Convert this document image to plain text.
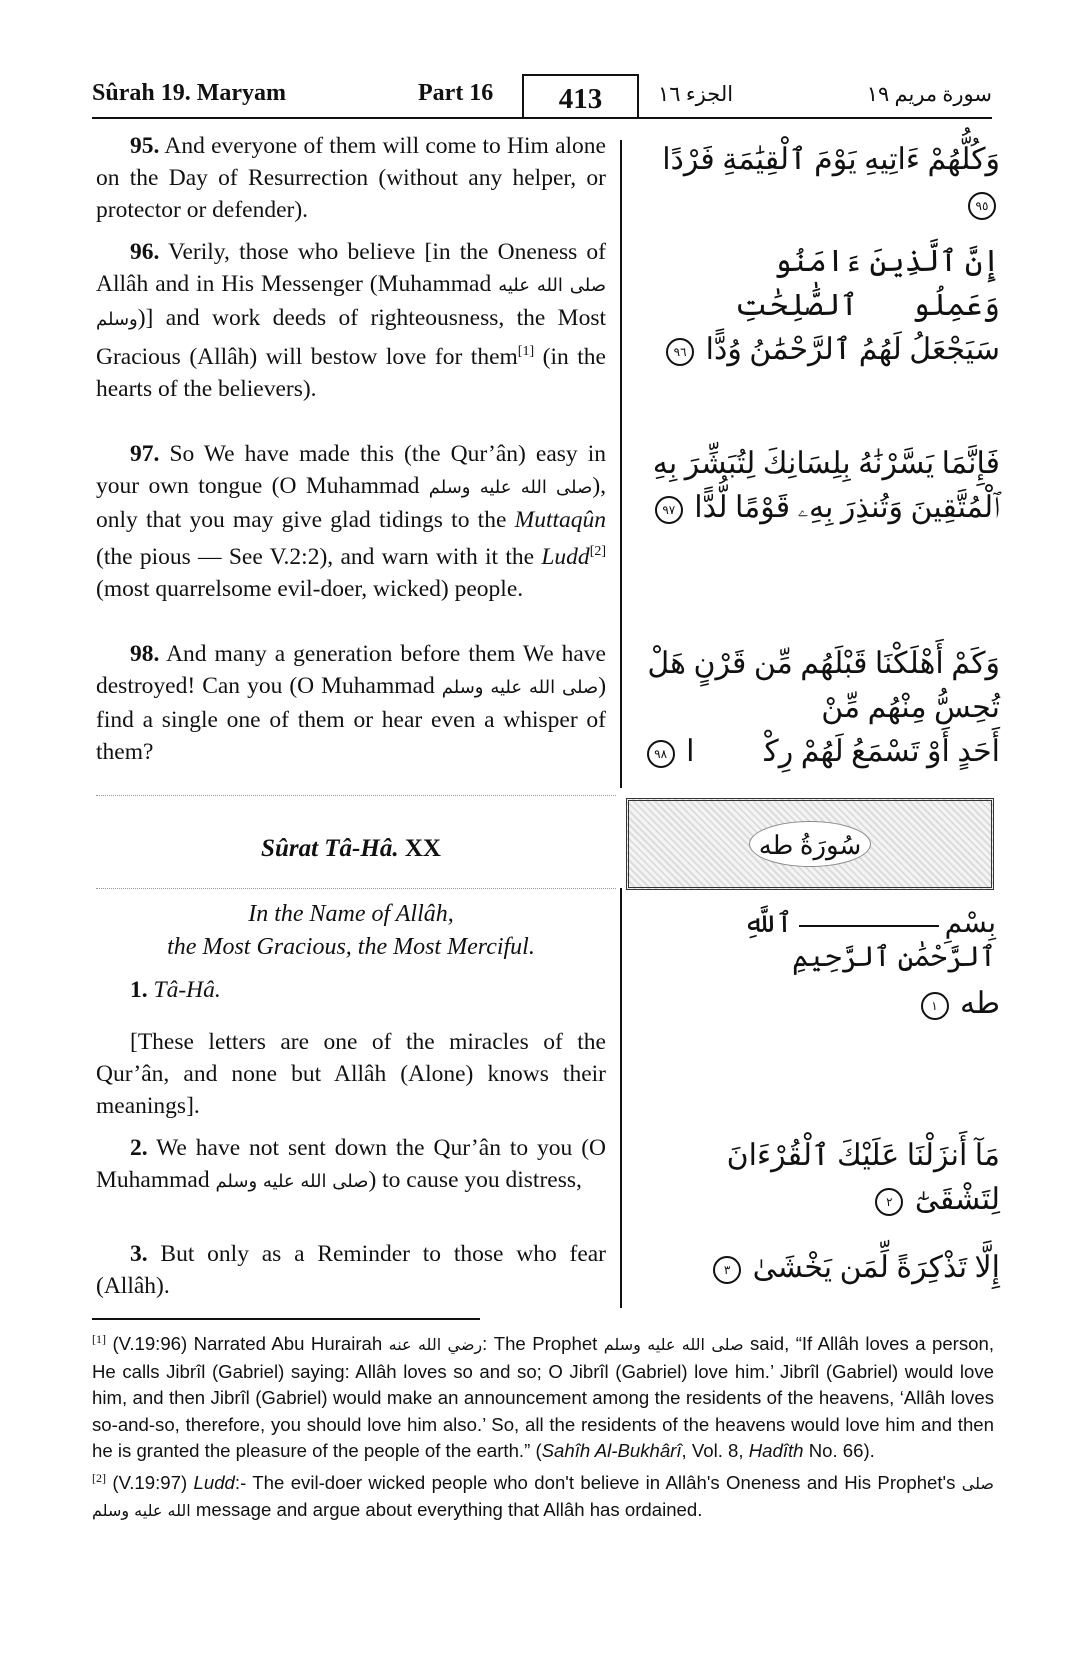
Sûrah 19. Maryam	Part 16	413	الجزء ١٦	سورة مريم ١٩

95. And everyone of them will come to Him alone on the Day of Resurrection (without any helper, or protector or defender).

وَكُلُّهُمْ ءَاتِيهِ يَوْمَ ٱلْقِيَٰمَةِ فَرْدًا ٩٥

96. Verily, those who believe [in the Oneness of Allâh and in His Messenger (Muhammad صلى الله عليه وسلم)] and work deeds of righteousness, the Most Gracious (Allâh) will bestow love for them[1] (in the hearts of the believers).

إِنَّ ٱلَّذِينَ ءَامَنُوا۟ وَعَمِلُوا۟ ٱلصَّٰلِحَٰتِ
سَيَجْعَلُ لَهُمُ ٱلرَّحْمَٰنُ وُدًّا ٩٦

97. So We have made this (the Qur’ân) easy in your own tongue (O Muhammad صلى الله عليه وسلم), only that you may give glad tidings to the Muttaqûn (the pious — See V.2:2), and warn with it the Ludd[2] (most quarrelsome evil-doer, wicked) people.

فَإِنَّمَا يَسَّرْنَٰهُ بِلِسَانِكَ لِتُبَشِّرَ بِهِ
ٱلْمُتَّقِينَ وَتُنذِرَ بِهِۦ قَوْمًا لُّدًّا ٩٧

98. And many a generation before them We have destroyed! Can you (O Muhammad صلى الله عليه وسلم) find a single one of them or hear even a whisper of them?

وَكَمْ أَهْلَكْنَا قَبْلَهُم مِّن قَرْنٍ هَلْ تُحِسُّ مِنْهُم مِّنْ
أَحَدٍ أَوْ تَسْمَعُ لَهُمْ رِكْزًۢا ٩٨
Sûrat Tâ-Hâ. XX	سُورَةُ طه
In the Name of Allâh,
the Most Gracious, the Most Merciful.
بِسْمِٱللَّهِ ٱلرَّحْمَٰنِ ٱلرَّحِيمِ

1. Tâ-Hâ.	طه ١

[These letters are one of the miracles of the Qur’ân, and none but Allâh (Alone) knows their meanings].

2. We have not sent down the Qur’ân to you (O Muhammad صلى الله عليه وسلم) to cause you distress,

مَآ أَنزَلْنَا عَلَيْكَ ٱلْقُرْءَانَ لِتَشْقَىٰٓ ٢

3. But only as a Reminder to those who fear (Allâh).

إِلَّا تَذْكِرَةً لِّمَن يَخْشَىٰ ٣

[1] (V.19:96) Narrated Abu Hurairah رضي الله عنه: The Prophet صلى الله عليه وسلم said, “If Allâh loves a person, He calls Jibrîl (Gabriel) saying: Allâh loves so and so; O Jibrîl (Gabriel) love him.’ Jibrîl (Gabriel) would love him, and then Jibrîl (Gabriel) would make an announcement among the residents of the heavens, ‘Allâh loves so-and-so, therefore, you should love him also.’ So, all the residents of the heavens would love him and then he is granted the pleasure of the people of the earth.” (Sahîh Al-Bukhârî, Vol. 8, Hadîth No. 66).

[2] (V.19:97) Ludd:- The evil-doer wicked people who don't believe in Allâh's Oneness and His Prophet's صلى الله عليه وسلم message and argue about everything that Allâh has ordained.
